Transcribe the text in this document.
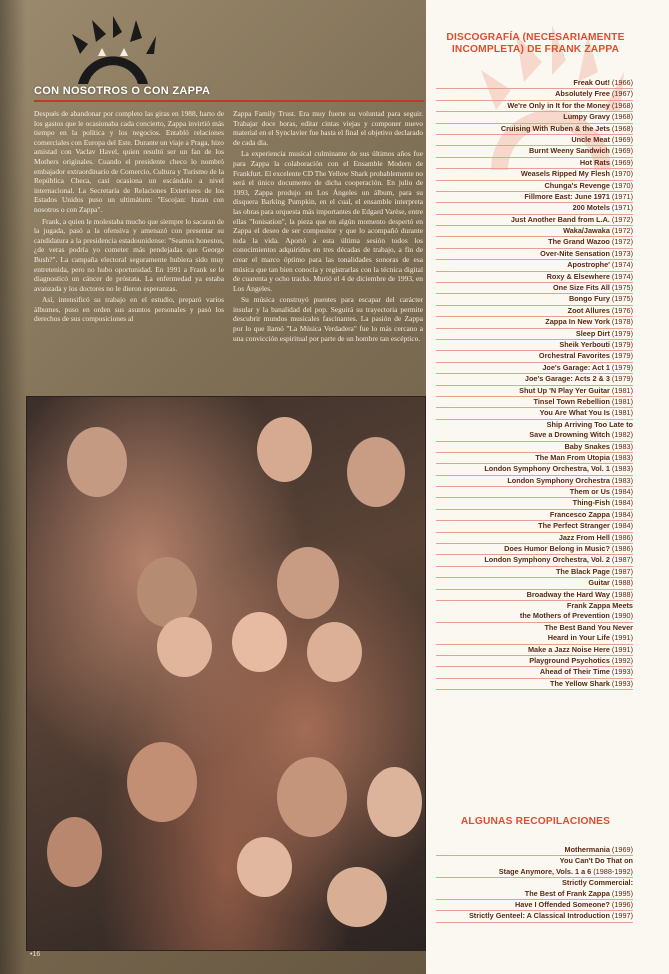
CON NOSOTROS O CON ZAPPA

Después de abandonar por completo las giras en 1988, harto de los gastos que le ocasionaba cada concierto, Zappa invirtió más tiempo en la política y los negocios. Entabló relaciones comerciales con Europa del Este. Durante un viaje a Praga, hizo amistad con Vaclav Havel, quien resultó ser un fan de los Mothers originales. Cuando el presidente checo lo nombró embajador extraordinario de Comercio, Cultura y Turismo de la República Checa, casi ocasiona un escándalo a nivel internacional. La Secretaría de Relaciones Exteriores de los Estados Unidos puso un ultimátum: "Escojan: Iratan con nosotros o con Zappa".

Frank, a quien le molestaba mucho que siempre lo sacaran de la jugada, pasó a la ofensiva y amenazó con presentar su candidatura a la presidencia estadounidense: "Seamos honestos, ¿de veras podría yo cometer más pendejadas que George Bush?". La campaña electoral seguramente hubiera sido muy entretenida, pero no hubo oportunidad. En 1991 a Frank se le diagnosticó un cáncer de próstata. La enfermedad ya estaba avanzada y los doctores no le dieron esperanzas.

Así, intensificó su trabajo en el estudio, preparó varios álbumes, puso en orden sus asuntos personales y pasó los derechos de sus composiciones al

Zappa Family Trust. Era muy fuerte su voluntad para seguir. Trabajar doce horas, editar cintas viejas y componer nuevo material en el Synclavier fue hasta el final el objetivo declarado de cada día.

La experiencia musical culminante de sus últimos años fue para Zappa la colaboración con el Ensamble Modern de Frankfurt. El excelente CD The Yellow Shark probablemente no será el único documento de dicha cooperación. En julio de 1993, Zappa produjo en Los Ángeles un álbum, para su disquera Barking Pumpkin, en el cual, el ensamble interpreta las obras para orquesta más importantes de Edgard Varèse, entre ellas "Ionisation", la pieza que en algún momento despertó en Zappa el deseo de ser compositor y que lo acompañó durante toda la vida. Aportó a esta última sesión todos los conocimientos adquiridos en tres décadas de trabajo, a fin de crear el marco óptimo para las tonalidades sonoras de esa música que tan bien conocía y registrarlas con la técnica digital de cuarenta y ocho tracks. Murió el 4 de diciembre de 1993, en Los Ángeles.

Su música construyó puentes para escapar del carácter insular y la banalidad del pop. Seguirá su trayectoria permite descubrir mundos musicales fascinantes. La pasión de Zappa por lo que llamó "La Música Verdadera" fue lo más cercano a una convicción espiritual por parte de un hombre tan escéptico.

•16
DISCOGRAFÍA (NECESARIAMENTE INCOMPLETA) DE FRANK ZAPPA
Freak Out! (1966)
Absolutely Free (1967)
We're Only in It for the Money (1968)
Lumpy Gravy (1968)
Cruising With Ruben & the Jets (1968)
Uncle Meat (1969)
Burnt Weeny Sandwich (1969)
Hot Rats (1969)
Weasels Ripped My Flesh (1970)
Chunga's Revenge (1970)
Fillmore East: June 1971 (1971)
200 Motels (1971)
Just Another Band from L.A. (1972)
Waka/Jawaka (1972)
The Grand Wazoo (1972)
Over-Nite Sensation (1973)
Apostrophe' (1974)
Roxy & Elsewhere (1974)
One Size Fits All (1975)
Bongo Fury (1975)
Zoot Allures (1976)
Zappa In New York (1978)
Sleep Dirt (1979)
Sheik Yerbouti (1979)
Orchestral Favorites (1979)
Joe's Garage: Act 1 (1979)
Joe's Garage: Acts 2 & 3 (1979)
Shut Up 'N Play Yer Guitar (1981)
Tinsel Town Rebellion (1981)
You Are What You Is (1981)
Ship Arriving Too Late to
Save a Drowning Witch (1982)
Baby Snakes (1983)
The Man From Utopia (1983)
London Symphony Orchestra, Vol. 1 (1983)
London Symphony Orchestra (1983)
Them or Us (1984)
Thing-Fish (1984)
Francesco Zappa (1984)
The Perfect Stranger (1984)
Jazz From Hell (1986)
Does Humor Belong in Music? (1986)
London Symphony Orchestra, Vol. 2 (1987)
The Black Page (1987)
Guitar (1988)
Broadway the Hard Way (1988)
Frank Zappa Meets
the Mothers of Prevention (1990)
The Best Band You Never
Heard in Your Life (1991)
Make a Jazz Noise Here (1991)
Playground Psychotics (1992)
Ahead of Their Time (1993)
The Yellow Shark (1993)
ALGUNAS RECOPILACIONES
Mothermania (1969)
You Can't Do That on
Stage Anymore, Vols. 1 a 6 (1988-1992)
Strictly Commercial:
The Best of Frank Zappa (1995)
Have I Offended Someone? (1996)
Strictly Genteel: A Classical Introduction (1997)
